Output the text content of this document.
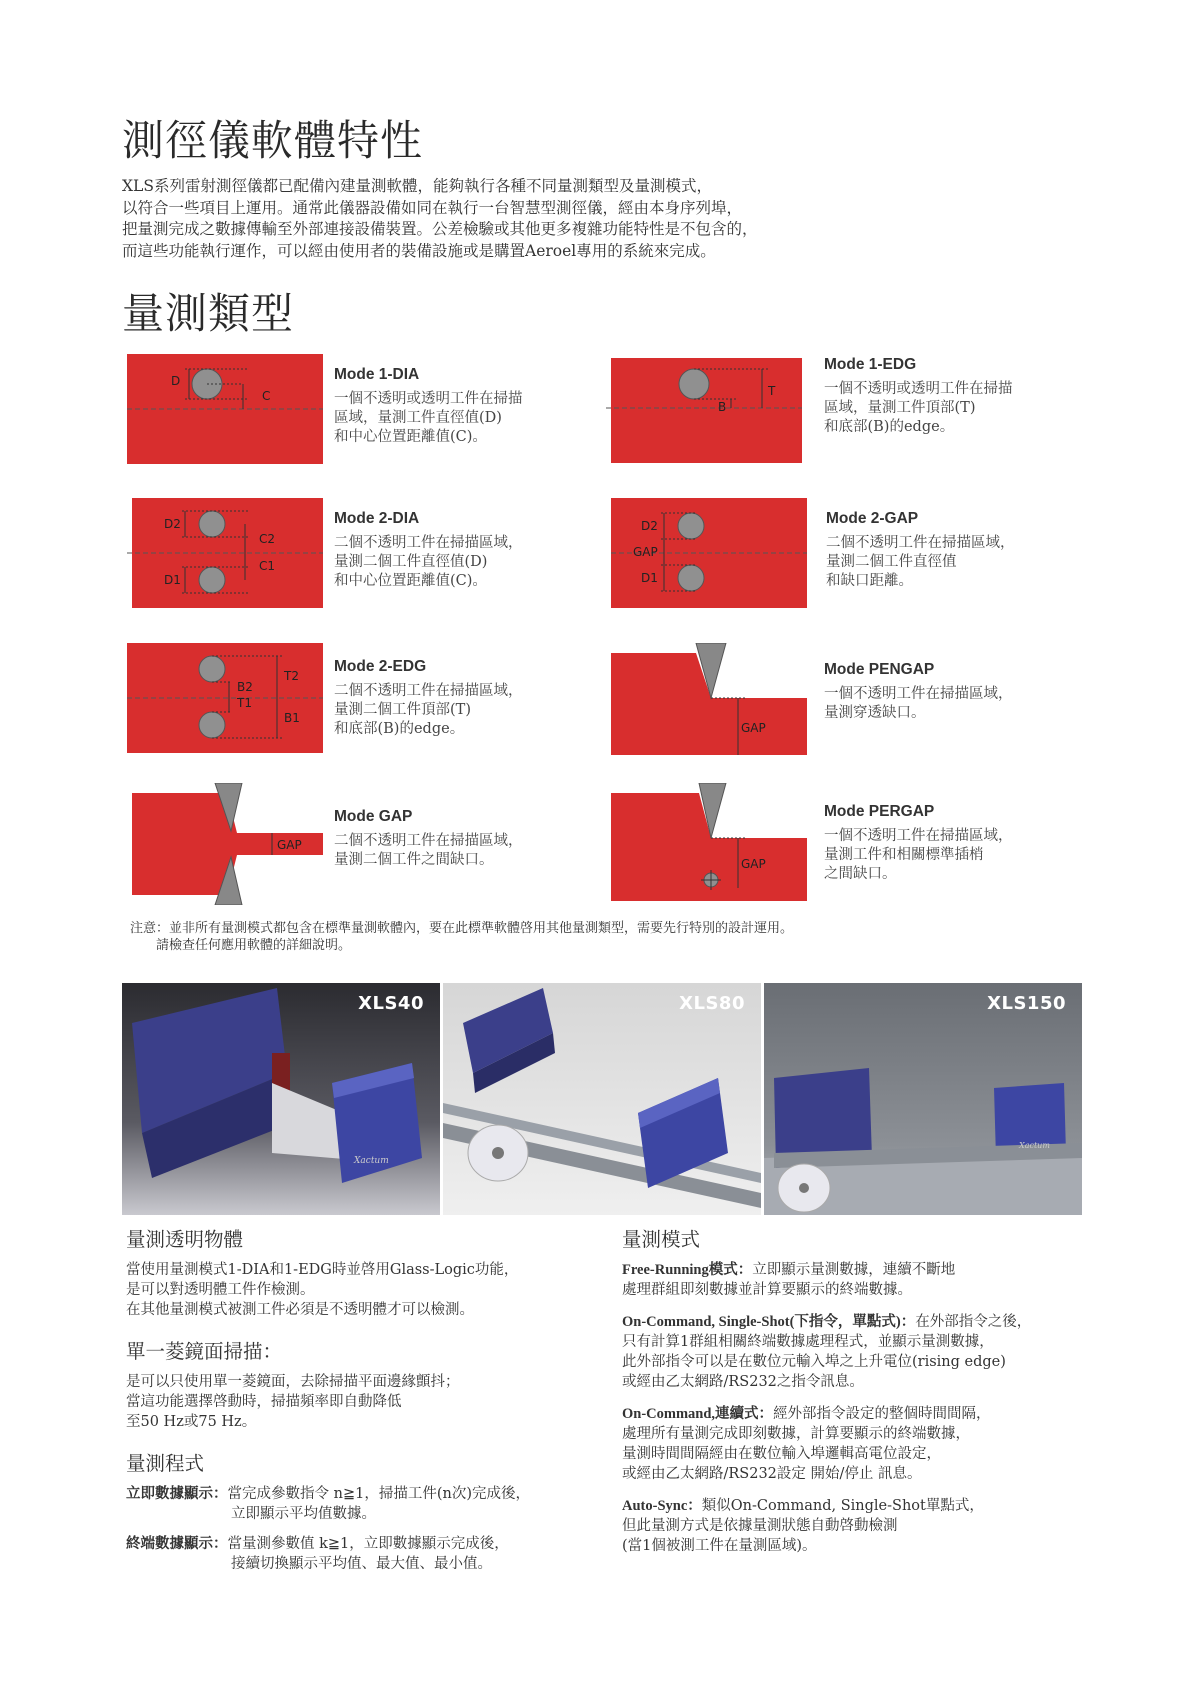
測徑儀軟體特性
XLS系列雷射測徑儀都已配備內建量測軟體，能夠執行各種不同量測類型及量測模式，
以符合一些項目上運用。通常此儀器設備如同在執行一台智慧型測徑儀，經由本身序列埠，
把量測完成之數據傳輸至外部連接設備裝置。公差檢驗或其他更多複雜功能特性是不包含的，
而這些功能執行運作，可以經由使用者的裝備設施或是購置Aeroel專用的系統來完成。
量測類型
D
C
Mode 1-DIA
一個不透明或透明工件在掃描
區域，量測工件直徑值(D)
和中心位置距離值(C)。
T
B
Mode 1-EDG
一個不透明或透明工件在掃描
區域，量測工件頂部(T)
和底部(B)的edge。
D2
C2
D1
C1
Mode 2-DIA
二個不透明工件在掃描區域，
量測二個工件直徑值(D)
和中心位置距離值(C)。
D2
GAP
D1
Mode 2-GAP
二個不透明工件在掃描區域，
量測二個工件直徑值
和缺口距離。
B2
T2
T1
B1
Mode 2-EDG
二個不透明工件在掃描區域，
量測二個工件頂部(T)
和底部(B)的edge。	GAP
Mode PENGAP
一個不透明工件在掃描區域，
量測穿透缺口。
GAP
Mode GAP
二個不透明工件在掃描區域，
量測二個工件之間缺口。	GAP
Mode PERGAP
一個不透明工件在掃描區域，
量測工件和相關標準插梢
之間缺口。
注意：並非所有量測模式都包含在標準量測軟體內，要在此標準軟體啓用其他量測類型，需要先行特別的設計運用。
　　請檢查任何應用軟體的詳細說明。
Xactum
XLS40	XLS80
Xactum
XLS150
量測透明物體
當使用量測模式1-DIA和1-EDG時並啓用Glass-Logic功能，
是可以對透明體工件作檢測。
在其他量測模式被測工件必須是不透明體才可以檢測。
單一菱鏡面掃描：
是可以只使用單一菱鏡面，去除掃描平面邊緣顫抖；
當這功能選擇啓動時，掃描頻率即自動降低
至50 Hz或75 Hz。
量測程式
立即數據顯示：當完成參數指令 n≧1，掃描工件(n次)完成後，
立即顯示平均值數據。
終端數據顯示：當量測參數值 k≧1，立即數據顯示完成後，
接續切換顯示平均值、最大值、最小值。
量測模式
Free-Running模式：立即顯示量測數據，連續不斷地
處理群組即刻數據並計算要顯示的終端數據。
On-Command, Single-Shot(下指令，單點式)：在外部指令之後，
只有計算1群組相關終端數據處理程式，並顯示量測數據，
此外部指令可以是在數位元輸入埠之上升電位(rising edge)
或經由乙太網路/RS232之指令訊息。
On-Command,連續式：經外部指令設定的整個時間間隔，
處理所有量測完成即刻數據，計算要顯示的終端數據，
量測時間間隔經由在數位輸入埠邏輯高電位設定，
或經由乙太網路/RS232設定 開始/停止 訊息。
Auto-Sync：類似On-Command, Single-Shot單點式，
但此量測方式是依據量測狀態自動啓動檢測
(當1個被測工件在量測區域)。
